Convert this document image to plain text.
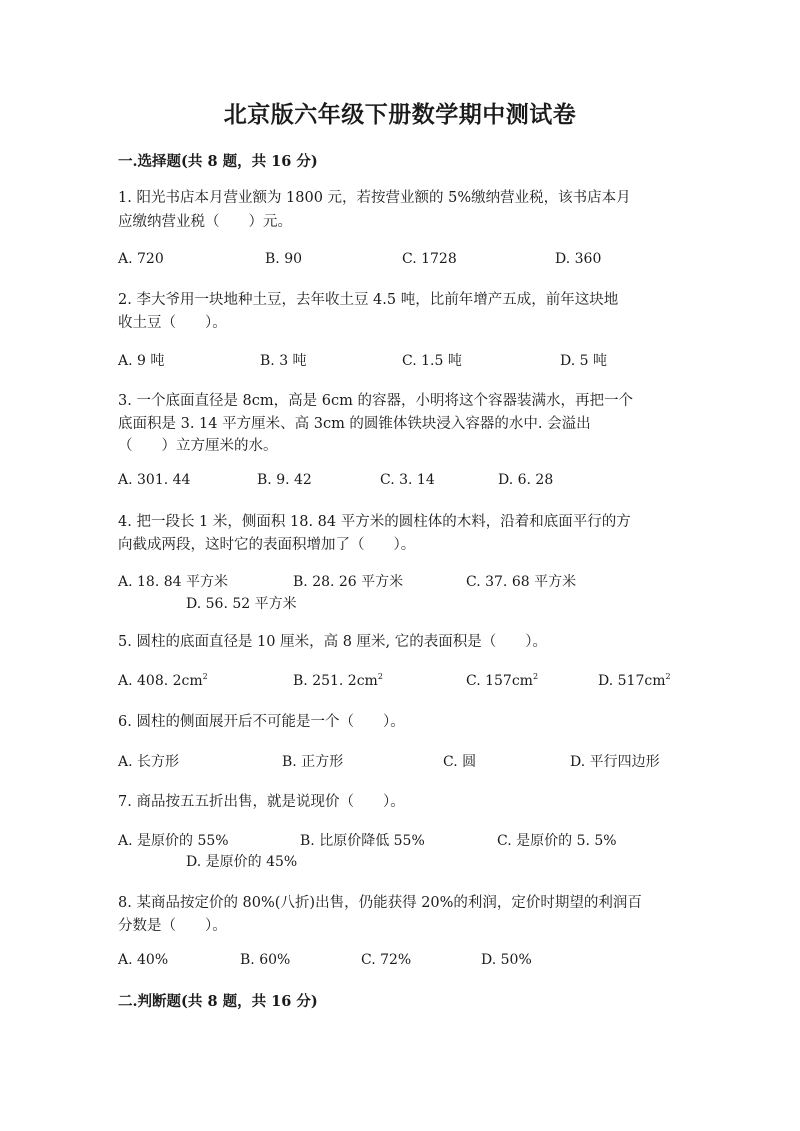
北京版六年级下册数学期中测试卷
一.选择题(共 8 题，共 16 分)
1. 阳光书店本月营业额为 1800 元，若按营业额的 5%缴纳营业税，该书店本月
应缴纳营业税（　　）元。
A. 720	B. 90	C. 1728	D. 360
2. 李大爷用一块地种土豆，去年收土豆 4.5 吨，比前年增产五成，前年这块地
收土豆（　　）。
A. 9 吨	B. 3 吨	C. 1.5 吨	D. 5 吨
3. 一个底面直径是 8cm，高是 6cm 的容器，小明将这个容器装满水，再把一个
底面积是 3. 14 平方厘米、高 3cm 的圆锥体铁块浸入容器的水中. 会溢出
（　　）立方厘米的水。
A. 301. 44	B. 9. 42	C. 3. 14	D. 6. 28
4. 把一段长 1 米，侧面积 18. 84 平方米的圆柱体的木料，沿着和底面平行的方
向截成两段，这时它的表面积增加了（　　）。
A. 18. 84 平方米	B. 28. 26 平方米	C. 37. 68 平方米
D. 56. 52 平方米
5. 圆柱的底面直径是 10 厘米，高 8 厘米, 它的表面积是（　　）。
A. 408. $2cm^2$	B. 251. $2cm^2$	C. $157cm^2$	D. $517cm^2$
6. 圆柱的侧面展开后不可能是一个（　　）。
A. 长方形	B. 正方形	C. 圆	D. 平行四边形
7. 商品按五五折出售，就是说现价（　　）。
A. 是原价的 55%	B. 比原价降低 55%	C. 是原价的 5. 5%
D. 是原价的 45%
8. 某商品按定价的 80%(八折)出售，仍能获得 20%的利润，定价时期望的利润百
分数是（　　）。
A. 40%	B. 60%	C. 72%	D. 50%
二.判断题(共 8 题，共 16 分)
